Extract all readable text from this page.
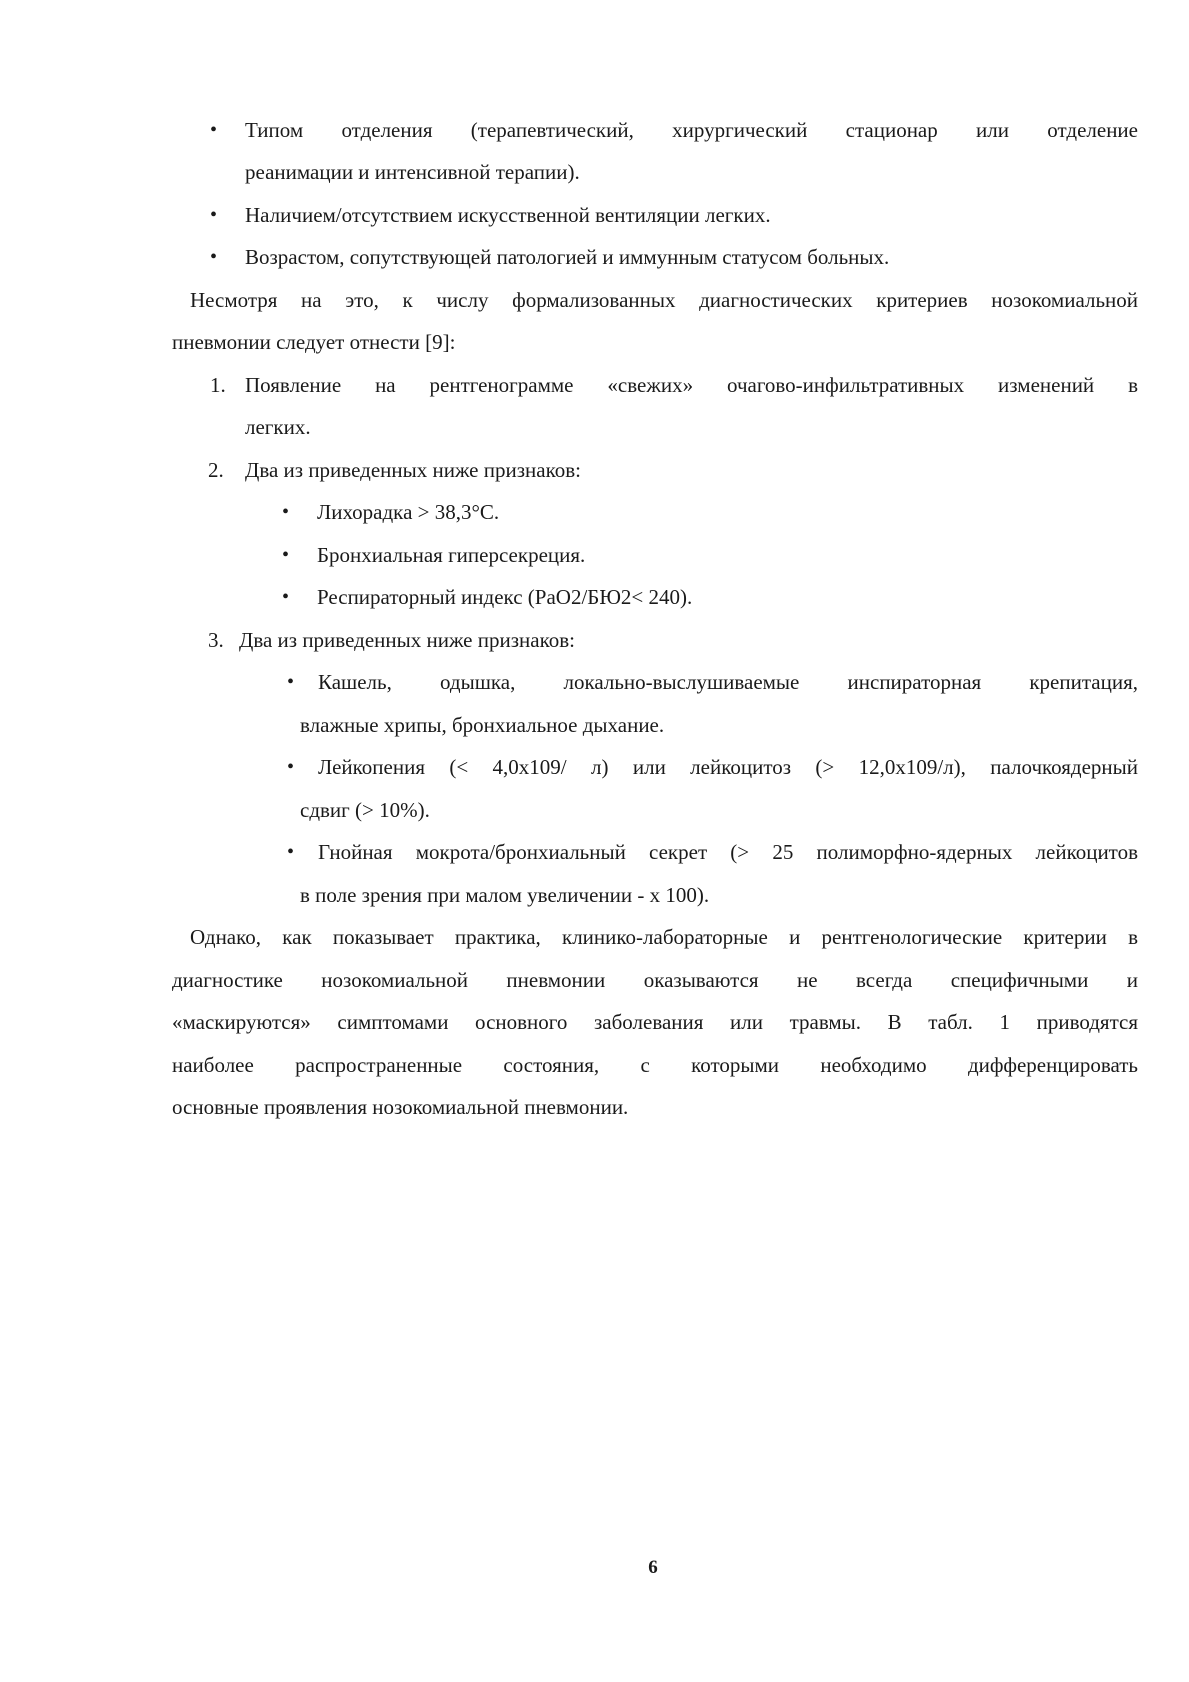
• Типом отделения (терапевтический, хирургический стационар или отделение
реанимации и интенсивной терапии).
• Наличием/отсутствием искусственной вентиляции легких.
• Возрастом, сопутствующей патологией и иммунным статусом больных.
Несмотря на это, к числу формализованных диагностических критериев нозокомиальной
пневмонии следует отнести [9]:
1. Появление на рентгенограмме «свежих» очагово-инфильтративных изменений в
легких.
2. Два из приведенных ниже признаков:
• Лихорадка > 38,3°С.
• Бронхиальная гиперсекреция.
• Респираторный индекс (РаО2/БЮ2< 240).
3. Два из приведенных ниже признаков:
• Кашель, одышка, локально-выслушиваемые инспираторная крепитация,
влажные хрипы, бронхиальное дыхание.
• Лейкопения (< 4,0x109/ л) или лейкоцитоз (> 12,0x109/л), палочкоядерный
сдвиг (> 10%).
• Гнойная мокрота/бронхиальный секрет (> 25 полиморфно-ядерных лейкоцитов
в поле зрения при малом увеличении - x 100).
Однако, как показывает практика, клинико-лабораторные и рентгенологические критерии в
диагностике нозокомиальной пневмонии оказываются не всегда специфичными и
«маскируются» симптомами основного заболевания или травмы. В табл. 1 приводятся
наиболее распространенные состояния, с которыми необходимо дифференцировать
основные проявления нозокомиальной пневмонии.
6
